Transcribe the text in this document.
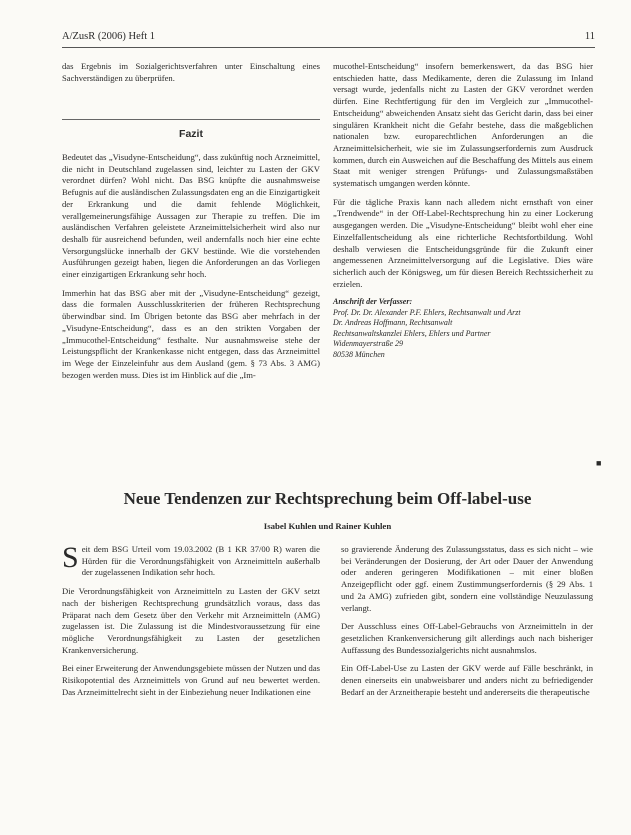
A/ZusR (2006) Heft 1	11

das Ergebnis im Sozialgerichtsverfahren unter Einschaltung eines Sachverständigen zu überprüfen.

Fazit

Bedeutet das „Visudyne-Entscheidung“, dass zukünftig noch Arzneimittel, die nicht in Deutschland zugelassen sind, leichter zu Lasten der GKV verordnet dürfen? Wohl nicht. Das BSG knüpfte die ausnahmsweise Befugnis auf die ausländischen Zulassungsdaten eng an die Einzigartigkeit der Erkrankung und die damit fehlende Möglichkeit, verallgemeinerungsfähige Aussagen zur Therapie zu treffen. Die im ausländischen Verfahren geleistete Arzneimittelsicherheit wird also nur deshalb für ausreichend befunden, weil andernfalls noch hier eine echte Versorgungslücke innerhalb der GKV bestünde. Wie die vorstehenden Ausführungen gezeigt haben, liegen die Anforderungen an das Vorliegen einer einzigartigen Erkrankung sehr hoch.

Immerhin hat das BSG aber mit der „Visudyne-Entscheidung“ gezeigt, dass die formalen Ausschlusskriterien der früheren Rechtsprechung überwindbar sind. Im Übrigen betonte das BSG aber mehrfach in der „Visudyne-Entscheidung“, dass es an den strikten Vorgaben der „Immucothel-Entscheidung“ festhalte. Nur ausnahmsweise stehe der Leistungspflicht der Krankenkasse nicht entgegen, dass das Arzneimittel im Wege der Einzeleinfuhr aus dem Ausland (gem. § 73 Abs. 3 AMG) bezogen werden muss. Dies ist im Hinblick auf die „Im-

mucothel-Entscheidung“ insofern bemerkenswert, da das BSG hier entschieden hatte, dass Medikamente, deren die Zulassung im Inland versagt wurde, jedenfalls nicht zu Lasten der GKV verordnet werden dürfen. Eine Rechtfertigung für den im Vergleich zur „Immucothel-Entscheidung“ abweichenden Ansatz sieht das Gericht darin, dass bei einer singulären Krankheit nicht die Gefahr bestehe, dass die maßgeblichen nationalen bzw. europarechtlichen Anforderungen an die Arzneimittelsicherheit, wie sie im Zulassungserfordernis zum Ausdruck kommen, durch ein Ausweichen auf die Beschaffung des Mittels aus einem Staat mit weniger strengen Prüfungs- und Zulassungsmaßstäben systematisch umgangen werden könnte.

Für die tägliche Praxis kann nach alledem nicht ernsthaft von einer „Trendwende“ in der Off-Label-Rechtsprechung hin zu einer Lockerung ausgegangen werden. Die „Visudyne-Entscheidung“ bleibt wohl eher eine Einzelfallentscheidung als eine richterliche Rechtsfortbildung. Wohl deshalb verwiesen die Entscheidungsgründe für die Zukunft einer angemessenen Arzneimittelversorgung auf die Legislative. Dies wäre sicherlich auch der Königsweg, um für diesen Bereich Rechtssicherheit zu erzielen.

Anschrift der Verfasser:
Prof. Dr. Dr. Alexander P.F. Ehlers, Rechtsanwalt und Arzt
Dr. Andreas Hoffmann, Rechtsanwalt
Rechtsanwaltskanzlei Ehlers, Ehlers und Partner
Widenmayerstraße 29
80538 München
■
Neue Tendenzen zur Rechtsprechung beim Off-label-use
Isabel Kuhlen und Rainer Kuhlen

Seit dem BSG Urteil vom 19.03.2002 (B 1 KR 37/00 R) waren die Hürden für die Verordnungsfähigkeit von Arzneimitteln außerhalb der zugelassenen Indikation sehr hoch.

Die Verordnungsfähigkeit von Arzneimitteln zu Lasten der GKV setzt nach der bisherigen Rechtsprechung grundsätzlich voraus, dass das Präparat nach dem Gesetz über den Verkehr mit Arzneimitteln (AMG) zugelassen ist. Die Zulassung ist die Mindestvoraussetzung für eine mögliche Verordnungsfähigkeit zu Lasten der gesetzlichen Krankenversicherung.

Bei einer Erweiterung der Anwendungsgebiete müssen der Nutzen und das Risikopotential des Arzneimittels von Grund auf neu bewertet werden. Das Arzneimittelrecht sieht in der Einbeziehung neuer Indikationen eine

so gravierende Änderung des Zulassungsstatus, dass es sich nicht – wie bei Veränderungen der Dosierung, der Art oder Dauer der Anwendung oder anderen geringeren Modifikationen – mit einer bloßen Anzeigepflicht oder ggf. einem Zustimmungserfordernis (§ 29 Abs. 1 und 2a AMG) zufrieden gibt, sondern eine vollständige Neuzulassung verlangt.

Der Ausschluss eines Off-Label-Gebrauchs von Arzneimitteln in der gesetzlichen Krankenversicherung gilt allerdings auch nach bisheriger Auffassung des Bundessozialgerichts nicht ausnahmslos.

Ein Off-Label-Use zu Lasten der GKV werde auf Fälle beschränkt, in denen einerseits ein unabweisbarer und anders nicht zu befriedigender Bedarf an der Arzneitherapie besteht und andererseits die therapeutische
